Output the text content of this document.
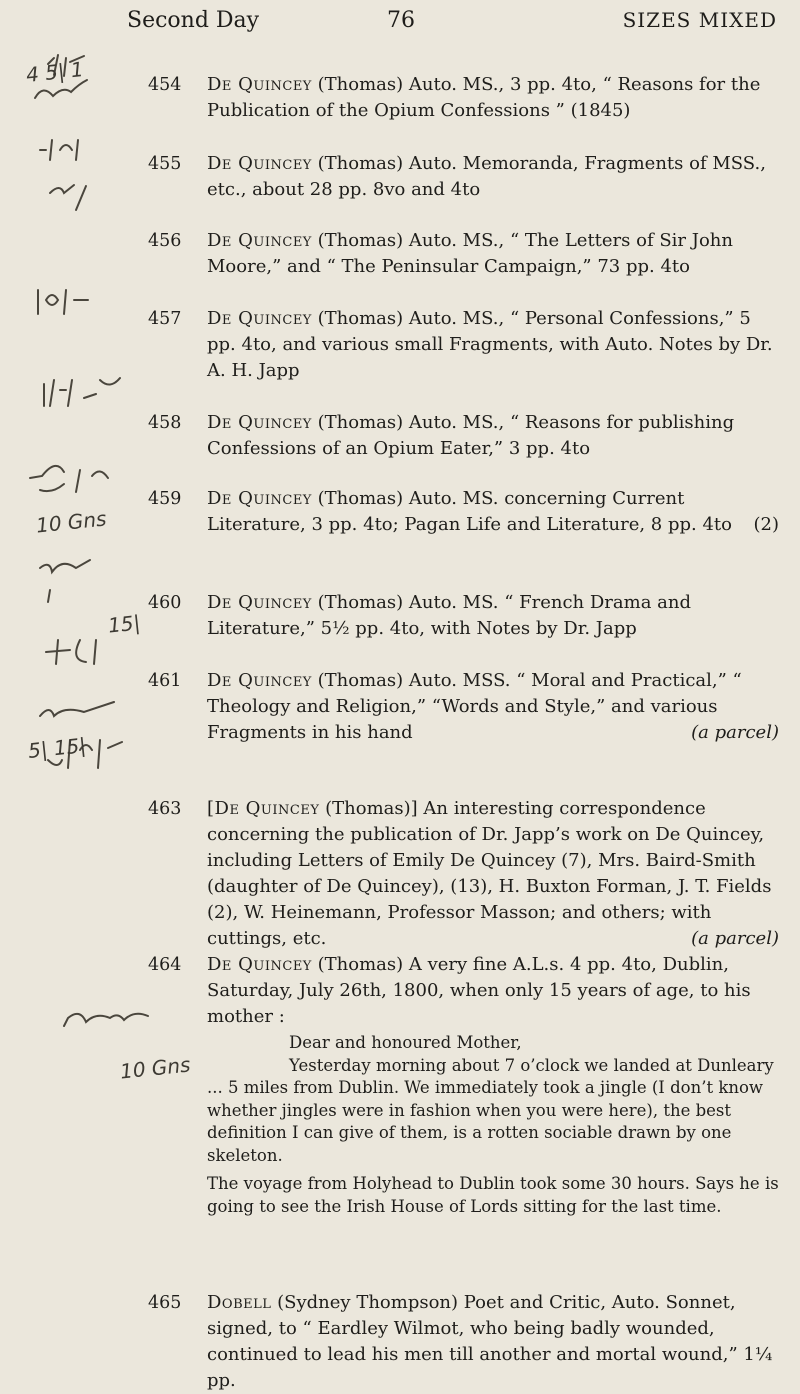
Second Day	76	SIZES MIXED
454	De Quincey (Thomas) Auto. MS., 3 pp. 4to, “ Reasons for the Publication of the Opium Confessions ” (1845)
455	De Quincey (Thomas) Auto. Memoranda, Fragments of MSS., etc., about 28 pp. 8vo and 4to
456	De Quincey (Thomas) Auto. MS., “ The Letters of Sir John Moore,” and “ The Peninsular Campaign,” 73 pp. 4to
457	De Quincey (Thomas) Auto. MS., “ Personal Confessions,” 5 pp. 4to, and various small Fragments, with Auto. Notes by Dr. A. H. Japp
458	De Quincey (Thomas) Auto. MS., “ Reasons for publishing Confessions of an Opium Eater,” 3 pp. 4to
459	De Quincey (Thomas) Auto. MS. concerning Current Literature, 3 pp. 4to; Pagan Life and Literature, 8 pp. 4to (2)
460	De Quincey (Thomas) Auto. MS. “ French Drama and Literature,” 5½ pp. 4to, with Notes by Dr. Japp
461	De Quincey (Thomas) Auto. MSS. “ Moral and Practical,” “ Theology and Religion,” “Words and Style,” and various Fragments in his hand	(a parcel)
463	[De Quincey (Thomas)] An interesting correspondence concerning the publication of Dr. Japp’s work on De Quincey, including Letters of Emily De Quincey (7), Mrs. Baird-Smith (daughter of De Quincey), (13), H. Buxton Forman, J. T. Fields (2), W. Heinemann, Professor Masson; and others; with cuttings, etc.	(a parcel)
464	De Quincey (Thomas) A very fine A.L.s. 4 pp. 4to, Dublin, Saturday, July 26th, 1800, when only 15 years of age, to his mother :

Dear and honoured Mother,

Yesterday morning about 7 o’clock we landed at Dunleary ... 5 miles from Dublin. We immediately took a jingle (I don’t know whether jingles were in fashion when you were here), the best definition I can give of them, is a rotten sociable drawn by one skeleton.

The voyage from Holyhead to Dublin took some 30 hours. Says he is going to see the Irish House of Lords sitting for the last time.

465	Dobell (Sydney Thompson) Poet and Critic, Auto. Sonnet, signed, to “ Eardley Wilmot, who being badly wounded, continued to lead his men till another and mortal wound,” 1¼ pp.
4 5| 1
10 Gns
15|
5| 15|
10 Gns
